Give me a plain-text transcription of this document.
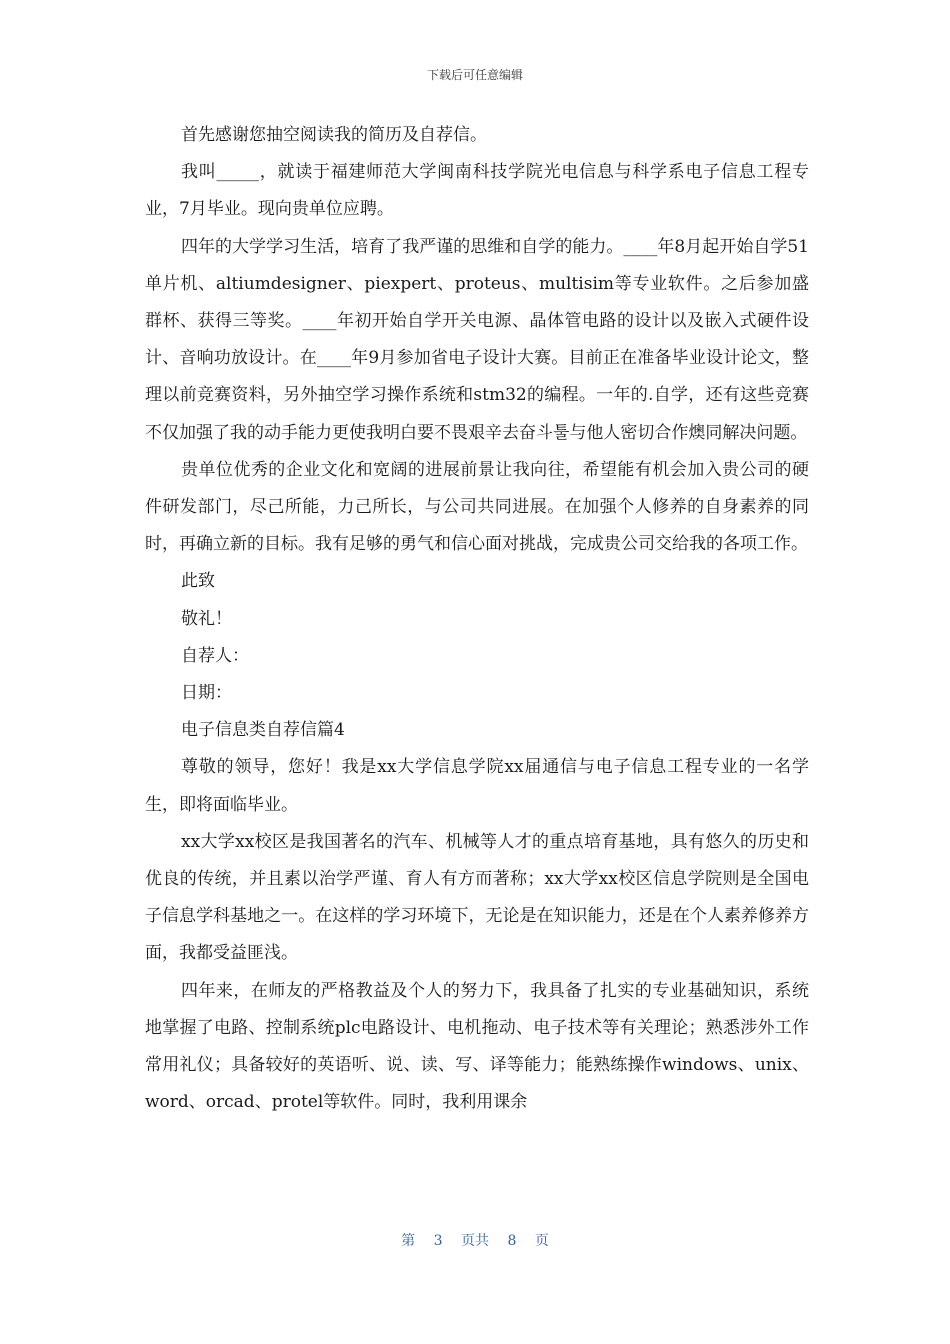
下载后可任意编辑

首先感谢您抽空阅读我的简历及自荐信。

我叫_____，就读于福建师范大学闽南科技学院光电信息与科学系电子信息工程专业，7月毕业。现向贵单位应聘。

四年的大学学习生活，培育了我严谨的思维和自学的能力。____年8月起开始自学51单片机、altiumdesigner、piexpert、proteus、multisim等专业软件。之后参加盛群杯、获得三等奖。____年初开始自学开关电源、晶体管电路的设计以及嵌入式硬件设计、音响功放设计。在____年9月参加省电子设计大赛。目前正在准备毕业设计论文，整理以前竞赛资料，另外抽空学习操作系统和stm32的编程。一年的.自学，还有这些竞赛不仅加强了我的动手能力更使我明白要不畏艰辛去奋斗툴与他人密切合作燠同解决问题。

贵单位优秀的企业文化和宽阔的进展前景让我向往，希望能有机会加入贵公司的硬件研发部门，尽己所能，力己所长，与公司共同进展。在加强个人修养的自身素养的同时，再确立新的目标。我有足够的勇气和信心面对挑战，完成贵公司交给我的各项工作。

此致

敬礼！

自荐人：

日期：

电子信息类自荐信篇4

尊敬的领导，您好！我是xx大学信息学院xx届通信与电子信息工程专业的一名学生，即将面临毕业。

xx大学xx校区是我国著名的汽车、机械等人才的重点培育基地，具有悠久的历史和优良的传统，并且素以治学严谨、育人有方而著称；xx大学xx校区信息学院则是全国电子信息学科基地之一。在这样的学习环境下，无论是在知识能力，还是在个人素养修养方面，我都受益匪浅。

四年来，在师友的严格教益及个人的努力下，我具备了扎实的专业基础知识，系统地掌握了电路、控制系统plc电路设计、电机拖动、电子技术等有关理论；熟悉涉外工作常用礼仪；具备较好的英语听、说、读、写、译等能力；能熟练操作windows、unix、word、orcad、protel等软件。同时，我利用课余

第 3 页共 8 页
